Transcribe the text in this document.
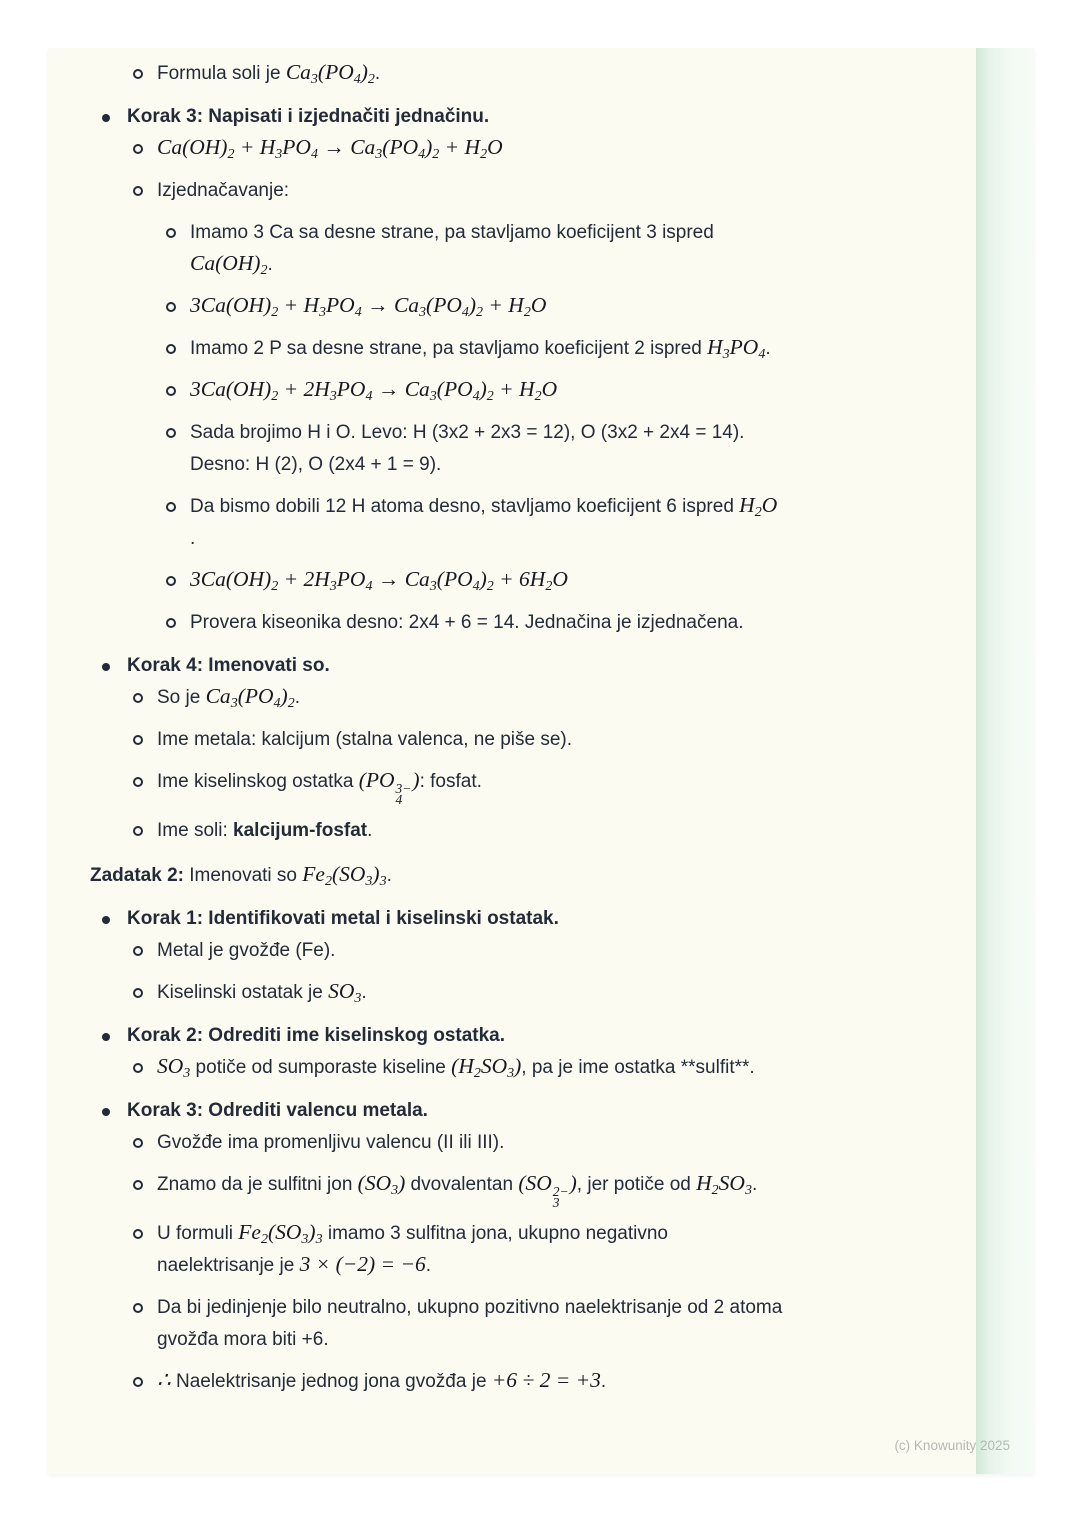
Formula soli je $Ca_3(PO_4)_2$.
Korak 3: Napisati i izjednačiti jednačinu.
$Ca(OH)_2 + H_3PO_4 \to Ca_3(PO_4)_2 + H_2O$
Izjednačavanje:
Imamo 3 Ca sa desne strane, pa stavljamo koeficijent 3 ispred
$Ca(OH)_2$.
$3Ca(OH)_2 + H_3PO_4 \to Ca_3(PO_4)_2 + H_2O$
Imamo 2 P sa desne strane, pa stavljamo koeficijent 2 ispred $H_3PO_4$.
$3Ca(OH)_2 + 2H_3PO_4 \to Ca_3(PO_4)_2 + H_2O$
Sada brojimo H i O. Levo: H (3x2 + 2x3 = 12), O (3x2 + 2x4 = 14).
Desno: H (2), O (2x4 + 1 = 9).
Da bismo dobili 12 H atoma desno, stavljamo koeficijent 6 ispred $H_2O$
.
$3Ca(OH)_2 + 2H_3PO_4 \to Ca_3(PO_4)_2 + 6H_2O$
Provera kiseonika desno: 2x4 + 6 = 14. Jednačina je izjednačena.
Korak 4: Imenovati so.
So je $Ca_3(PO_4)_2$.
Ime metala: kalcijum (stalna valenca, ne piše se).
Ime kiselinskog ostatka (PO 3−
4
): fosfat.
Ime soli: kalcijum-fosfat.
Zadatak 2: Imenovati so $Fe_2(SO_3)_3$.
Korak 1: Identifikovati metal i kiselinski ostatak.
Metal je gvožđe (Fe).
Kiselinski ostatak je $SO_3$.
Korak 2: Odrediti ime kiselinskog ostatka.
$SO_3$ potiče od sumporaste kiseline $(H_2SO_3)$, pa je ime ostatka **sulfit**.
Korak 3: Odrediti valencu metala.
Gvožđe ima promenljivu valencu (II ili III).
Znamo da je sulfitni jon $(SO_3)$ dvovalentan (SO 2−
3
), jer potiče od $H_2SO_3$.
U formuli $Fe_2(SO_3)_3$ imamo 3 sulfitna jona, ukupno negativno
naelektrisanje je 3 × (−2) = −6.
Da bi jedinjenje bilo neutralno, ukupno pozitivno naelektrisanje od 2 atoma
gvožđa mora biti +6.
∴ Naelektrisanje jednog jona gvožđa je +6 ÷ 2 = +3.
(c) Knowunity 2025
